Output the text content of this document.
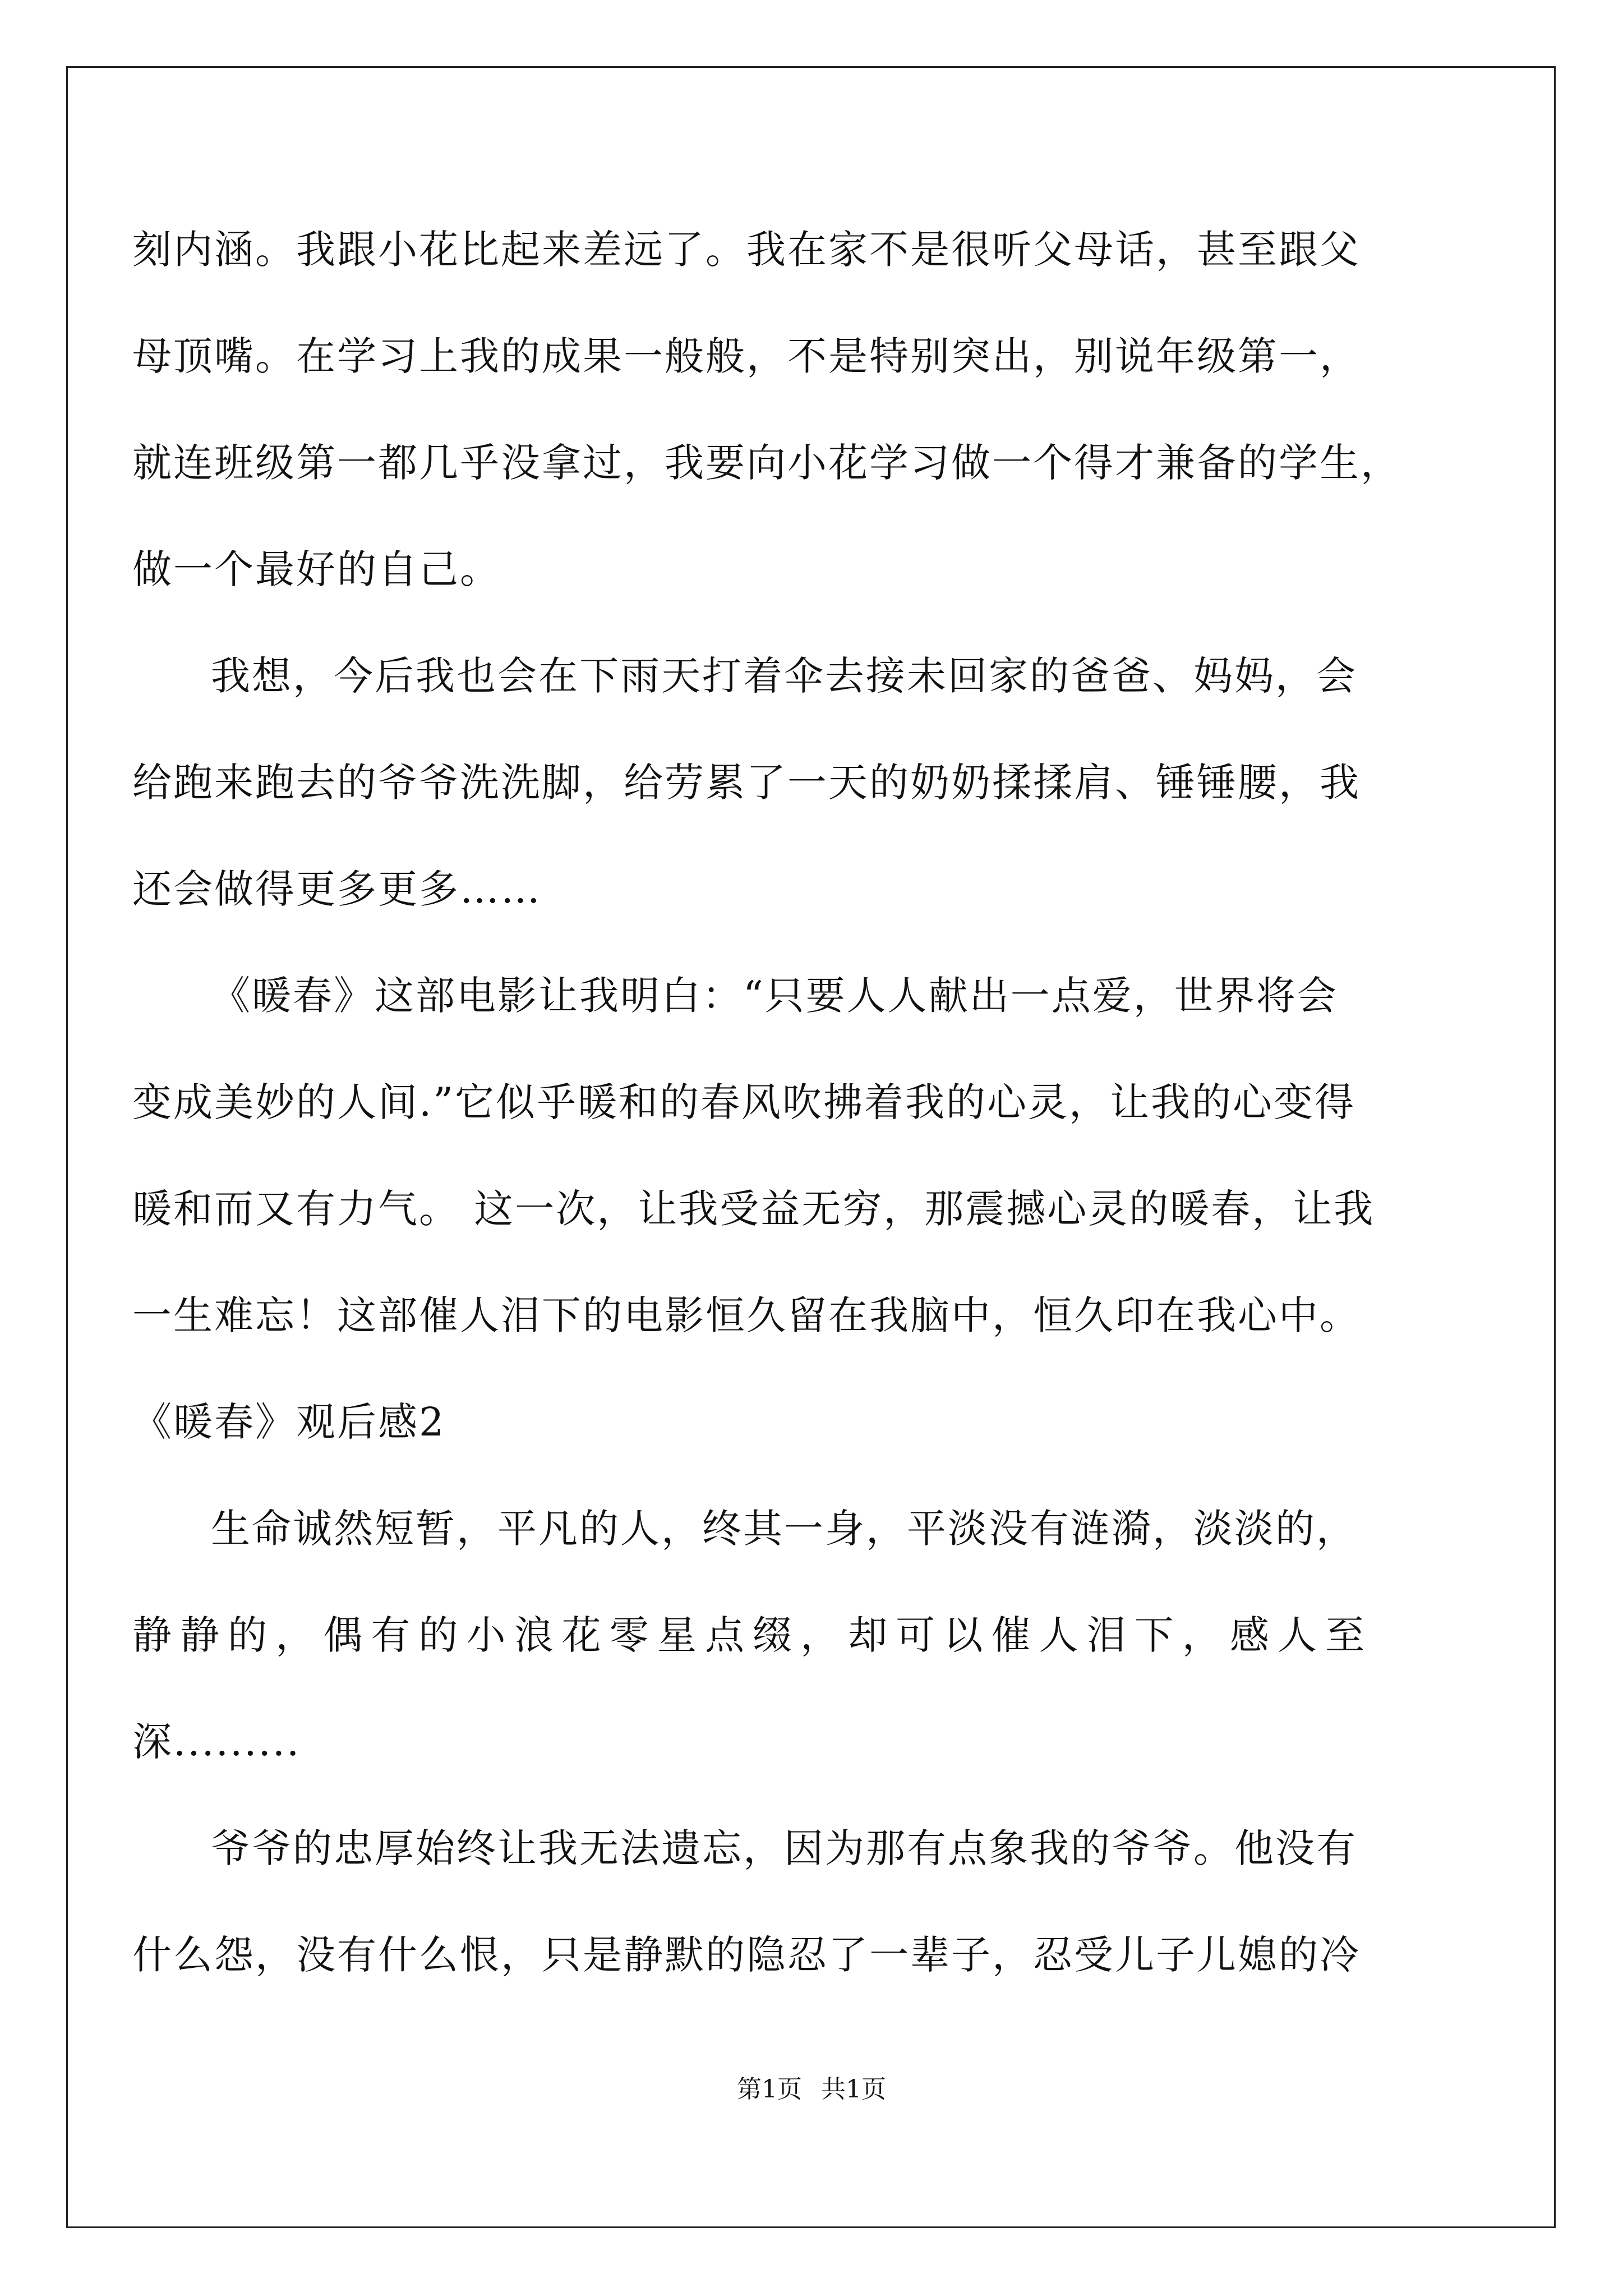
刻内涵。我跟小花比起来差远了。我在家不是很听父母话，甚至跟父
母顶嘴。在学习上我的成果一般般，不是特别突出，别说年级第一，
就连班级第一都几乎没拿过，我要向小花学习做一个得才兼备的学生，
做一个最好的自己。
我想，今后我也会在下雨天打着伞去接未回家的爸爸、妈妈，会
给跑来跑去的爷爷洗洗脚，给劳累了一天的奶奶揉揉肩、锤锤腰，我
还会做得更多更多……
《暖春》这部电影让我明白：“只要人人献出一点爱，世界将会
变成美妙的人间.”它似乎暖和的春风吹拂着我的心灵，让我的心变得
暖和而又有力气。 这一次，让我受益无穷，那震撼心灵的暖春，让我
一生难忘！这部催人泪下的电影恒久留在我脑中，恒久印在我心中。
《暖春》观后感2
生命诚然短暂，平凡的人，终其一身，平淡没有涟漪，淡淡的，
静静的，偶有的小浪花零星点缀，却可以催人泪下，感人至
深.........
爷爷的忠厚始终让我无法遗忘，因为那有点象我的爷爷。他没有
什么怨，没有什么恨，只是静默的隐忍了一辈子，忍受儿子儿媳的冷
第1页 共1页
